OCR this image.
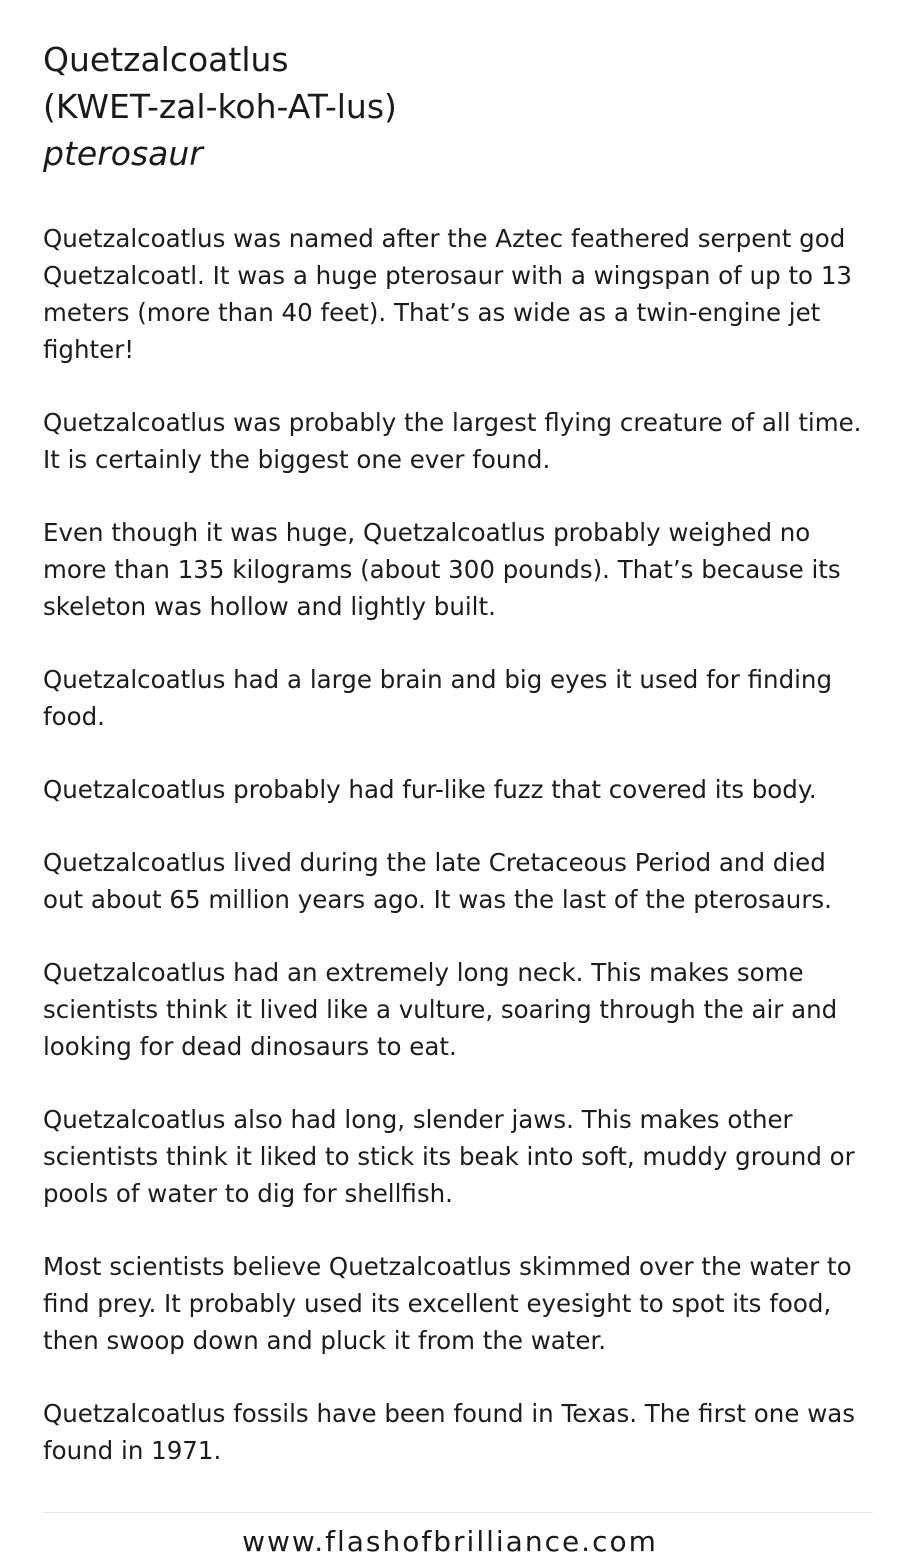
Quetzalcoatlus
(KWET-zal-koh-AT-lus)

pterosaur

Quetzalcoatlus was named after the Aztec feathered serpent god Quetzalcoatl. It was a huge pterosaur with a wingspan of up to 13 meters (more than 40 feet). That’s as wide as a twin-engine jet fighter!

Quetzalcoatlus was probably the largest flying creature of all time. It is certainly the biggest one ever found.

Even though it was huge, Quetzalcoatlus probably weighed no more than 135 kilograms (about 300 pounds). That’s because its skeleton was hollow and lightly built.

Quetzalcoatlus had a large brain and big eyes it used for finding food.

Quetzalcoatlus probably had fur-like fuzz that covered its body.

Quetzalcoatlus lived during the late Cretaceous Period and died out about 65 million years ago. It was the last of the pterosaurs.

Quetzalcoatlus had an extremely long neck. This makes some scientists think it lived like a vulture, soaring through the air and looking for dead dinosaurs to eat.

Quetzalcoatlus also had long, slender jaws. This makes other scientists think it liked to stick its beak into soft, muddy ground or pools of water to dig for shellfish.

Most scientists believe Quetzalcoatlus skimmed over the water to find prey. It probably used its excellent eyesight to spot its food, then swoop down and pluck it from the water.

Quetzalcoatlus fossils have been found in Texas. The first one was found in 1971.

www.flashofbrilliance.com
